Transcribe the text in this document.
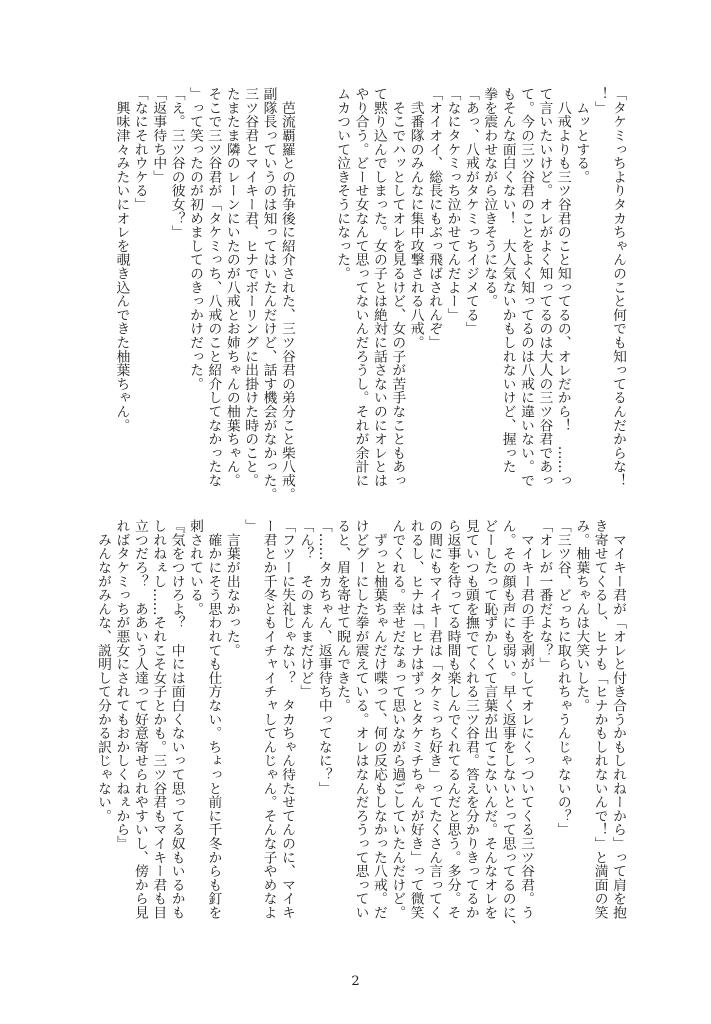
「タケミっちよりタカちゃんのこと何でも知ってるんだからな！
！」
　ムッとする。
　八戒よりも三ツ谷君のこと知ってるの、オレだから！　……っ
て言いたいけど。オレがよく知ってるのは大人の三ツ谷君であっ
て。今の三ツ谷君のことをよく知ってるのは八戒に違いない。で
もそんな面白くない！　大人気ないかもしれないけど、握った
拳を震わせながら泣きそうになる。
「あっ、八戒がタケミっちイジメてる」
「なにタケミっち泣かせてんだよー」
「オイオイ、総長にもぶっ飛ばされんぞ」
　弐番隊のみんなに集中攻撃される八戒。
　そこでハッとしてオレを見るけど、女の子が苦手なこともあっ
て黙り込んでしまった。女の子とは絶対に話さないのにオレとは
やり合う。どーせ女なんて思ってないんだろうし。それが余計に
ムカついて泣きそうになった。
　芭流覇羅との抗争後に紹介された、三ツ谷君の弟分こと柴八戒。
副隊長っていうのは知ってはいたんだけど、話す機会がなかった。
三ツ谷君とマイキー君、ヒナでボーリングに出掛けた時のこと。
たまたま隣のレーンにいたのが八戒とお姉ちゃんの柚葉ちゃん。
そこで三ツ谷君が「タケミっち、八戒のこと紹介してなかったな
」って笑ったのが初めましてのきっかけだった。
「え。三ツ谷の彼女？」
「返事待ち中」
「なにそれウケる」
　興味津々みたいにオレを覗き込んできた柚葉ちゃん。
　マイキー君が「オレと付き合うかもしれねーから」って肩を抱
き寄せてくるし、ヒナも「ヒナかもしれないんで！」と満面の笑
み。柚葉ちゃんは大笑いした。
「三ツ谷、どっちに取られちゃうんじゃないの？」
「オレが一番だよな？」
　マイキー君の手を剥がしてオレにくっついてくる三ツ谷君。う
ん。その顔も声にも弱い。早く返事をしないとって思ってるのに、
どーしたって恥ずかしくて言葉が出てこないんだ。そんなオレを
見ていつも頭を撫でてくれる三ツ谷君。答えを分かりきってるか
ら返事を待ってる時間も楽しんでくれてるんだと思う。多分。そ
の間にもマイキー君は「タケミっち好き」ってたくさん言ってく
れるし、ヒナは「ヒナはずっとタケミチちゃんが好き」って微笑
んでくれる。幸せだなぁって思いながら過ごしていたんだけど。
　ずっと柚葉ちゃんだけ喋って、何の反応もしなかった八戒。だ
けどグーにした拳が震えている。オレはなんだろうって思ってい
ると、眉を寄せて睨んできた。
「……タカちゃん、返事待ち中ってなに？」
「ん？　そのまんまだけど」
「フツーに失礼じゃない？　タカちゃん待たせてんのに、マイキ
ー君とか千冬ともイチャイチャしてんじゃん。そんな子やめなよ
」
　言葉が出なかった。
　確かにそう思われても仕方ない。ちょっと前に千冬からも釘を
刺されている。
『気をつけろよ？　中には面白くないって思ってる奴もいるかも
しれねぇし……それこそ女子とかも。三ツ谷君もマイキー君も目
立つだろ？　ああいう人達って好意寄せられやすいし、傍から見
ればタケミっちが悪女にされてもおかしくねぇから』
　みんながみんな、説明して分かる訳じゃない。
2
